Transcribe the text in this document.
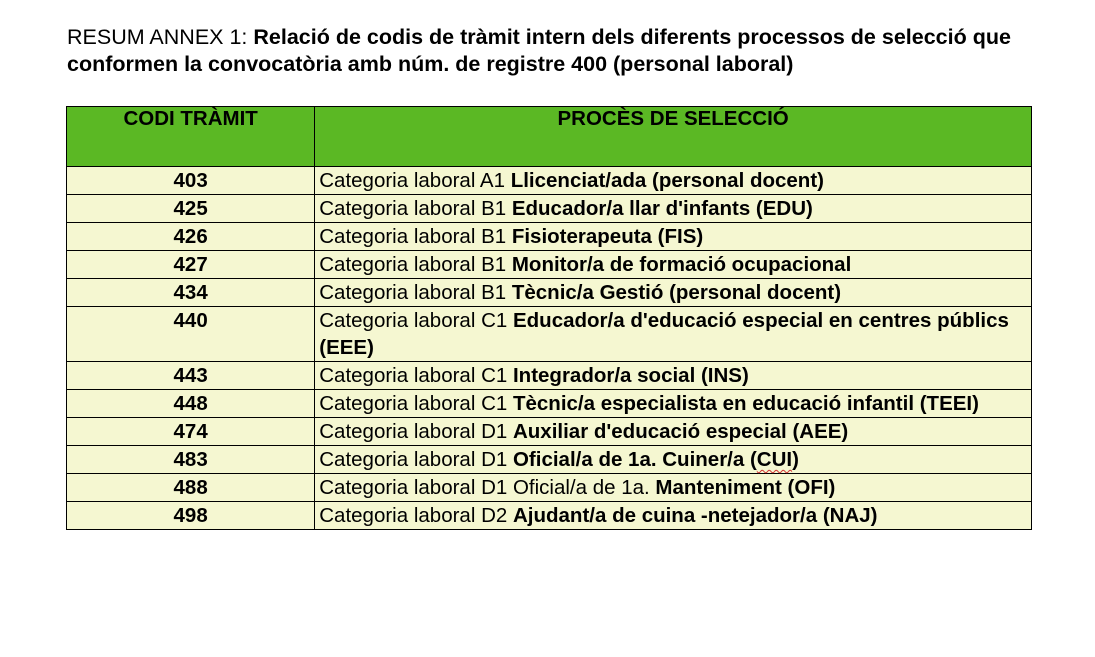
RESUM ANNEX 1: Relació de codis de tràmit intern dels diferents processos de selecció que conformen la convocatòria amb núm. de registre 400 (personal laboral)
CODI TRÀMIT	PROCÈS DE SELECCIÓ
403	Categoria laboral A1 Llicenciat/ada (personal docent)
425	Categoria laboral B1 Educador/a llar d'infants (EDU)
426	Categoria laboral B1 Fisioterapeuta (FIS)
427	Categoria laboral B1 Monitor/a de formació ocupacional
434	Categoria laboral B1 Tècnic/a Gestió (personal docent)
440	Categoria laboral C1 Educador/a d'educació especial en centres públics (EEE)
443	Categoria laboral C1 Integrador/a social (INS)
448	Categoria laboral C1 Tècnic/a especialista en educació infantil (TEEI)
474	Categoria laboral D1 Auxiliar d'educació especial (AEE)
483	Categoria laboral D1 Oficial/a de 1a. Cuiner/a (CUI)
488	Categoria laboral D1 Oficial/a de 1a. Manteniment (OFI)
498	Categoria laboral D2 Ajudant/a de cuina -netejador/a (NAJ)
